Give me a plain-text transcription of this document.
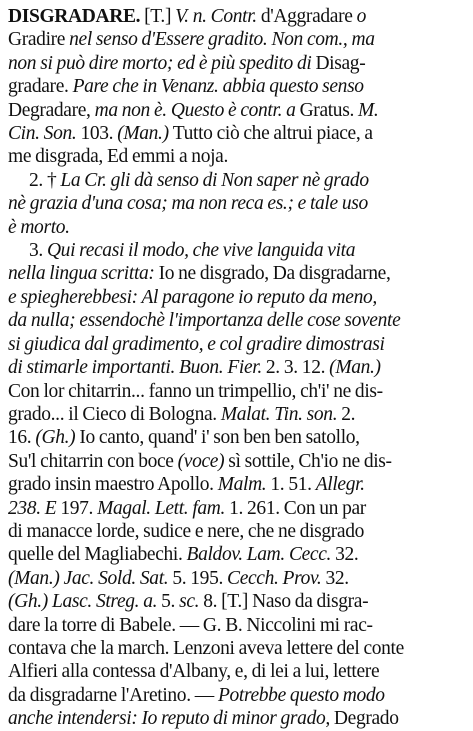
DISGRADARE. [T.] V. n. Contr. d'Aggradare o
Gradire nel senso d'Essere gradito. Non com., ma
non si può dire morto; ed è più spedito di Disag-
gradare. Pare che in Venanz. abbia questo senso
Degradare, ma non è. Questo è contr. a Gratus. M.
Cin. Son. 103. (Man.) Tutto ciò che altrui piace, a
me disgrada, Ed emmi a noja.
2. † La Cr. gli dà senso di Non saper nè grado
nè grazia d'una cosa; ma non reca es.; e tale uso
è morto.
3. Qui recasi il modo, che vive languida vita
nella lingua scritta: Io ne disgrado, Da disgradarne,
e spiegherebbesi: Al paragone io reputo da meno,
da nulla; essendochè l'importanza delle cose sovente
si giudica dal gradimento, e col gradire dimostrasi
di stimarle importanti. Buon. Fier. 2. 3. 12. (Man.)
Con lor chitarrin... fanno un trimpellio, ch'i' ne dis-
grado... il Cieco di Bologna. Malat. Tin. son. 2.
16. (Gh.) Io canto, quand' i' son ben ben satollo,
Su'l chitarrin con boce (voce) sì sottile, Ch'io ne dis-
grado insin maestro Apollo. Malm. 1. 51. Allegr.
238. E 197. Magal. Lett. fam. 1. 261. Con un par
di manacce lorde, sudice e nere, che ne disgrado
quelle del Magliabechi. Baldov. Lam. Cecc. 32.
(Man.) Jac. Sold. Sat. 5. 195. Cecch. Prov. 32.
(Gh.) Lasc. Streg. a. 5. sc. 8. [T.] Naso da disgra-
dare la torre di Babele. — G. B. Niccolini mi rac-
contava che la march. Lenzoni aveva lettere del conte
Alfieri alla contessa d'Albany, e, di lei a lui, lettere
da disgradarne l'Aretino. — Potrebbe questo modo
anche intendersi: Io reputo di minor grado, Degrado
